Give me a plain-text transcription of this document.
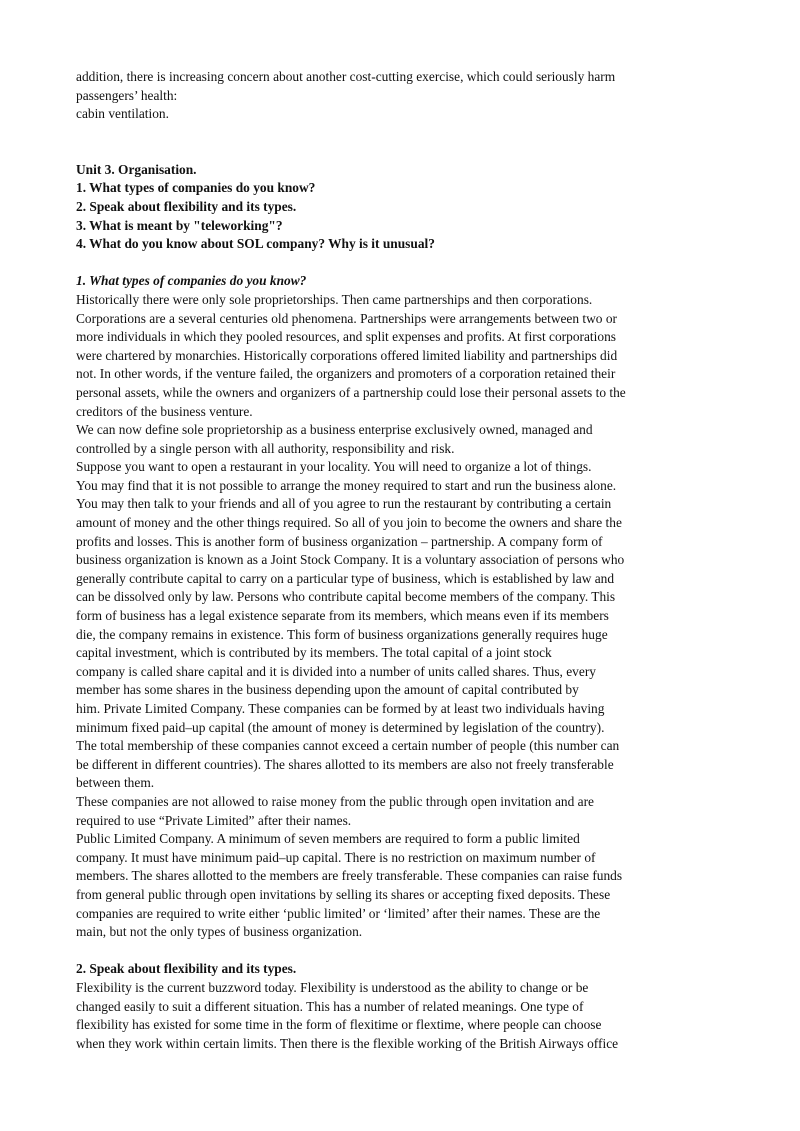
addition, there is increasing concern about another cost-cutting exercise, which could seriously harm
passengers’ health:
cabin ventilation.
Unit 3. Organisation.
1. What types of companies do you know?
2. Speak about flexibility and its types.
3. What is meant by "teleworking"?
4. What do you know about SOL company? Why is it unusual?
1. What types of companies do you know?
Historically there were only sole proprietorships. Then came partnerships and then corporations.
Corporations are a several centuries old phenomena. Partnerships were arrangements between two or
more individuals in which they pooled resources, and split expenses and profits. At first corporations
were chartered by monarchies. Historically corporations offered limited liability and partnerships did
not. In other words, if the venture failed, the organizers and promoters of a corporation retained their
personal assets, while the owners and organizers of a partnership could lose their personal assets to the
creditors of the business venture.
We can now define sole proprietorship as a business enterprise exclusively owned, managed and
controlled by a single person with all authority, responsibility and risk.
Suppose you want to open a restaurant in your locality. You will need to organize a lot of things.
You may find that it is not possible to arrange the money required to start and run the business alone.
You may then talk to your friends and all of you agree to run the restaurant by contributing a certain
amount of money and the other things required. So all of you join to become the owners and share the
profits and losses. This is another form of business organization – partnership. A company form of
business organization is known as a Joint Stock Company. It is a voluntary association of persons who
generally contribute capital to carry on a particular type of business, which is established by law and
can be dissolved only by law. Persons who contribute capital become members of the company. This
form of business has a legal existence separate from its members, which means even if its members
die, the company remains in existence. This form of business organizations generally requires huge
capital investment, which is contributed by its members. The total capital of a joint stock
company is called share capital and it is divided into a number of units called shares. Thus, every
member has some shares in the business depending upon the amount of capital contributed by
him. Private Limited Company. These companies can be formed by at least two individuals having
minimum fixed paid–up capital (the amount of money is determined by legislation of the country).
The total membership of these companies cannot exceed a certain number of people (this number can
be different in different countries). The shares allotted to its members are also not freely transferable
between them.
These companies are not allowed to raise money from the public through open invitation and are
required to use “Private Limited” after their names.
Public Limited Company. A minimum of seven members are required to form a public limited
company. It must have minimum paid–up capital. There is no restriction on maximum number of
members. The shares allotted to the members are freely transferable. These companies can raise funds
from general public through open invitations by selling its shares or accepting fixed deposits. These
companies are required to write either ‘public limited’ or ‘limited’ after their names. These are the
main, but not the only types of business organization.
2. Speak about flexibility and its types.
Flexibility is the current buzzword today. Flexibility is understood as the ability to change or be
changed easily to suit a different situation. This has a number of related meanings. One type of
flexibility has existed for some time in the form of flexitime or flextime, where people can choose
when they work within certain limits. Then there is the flexible working of the British Airways office
